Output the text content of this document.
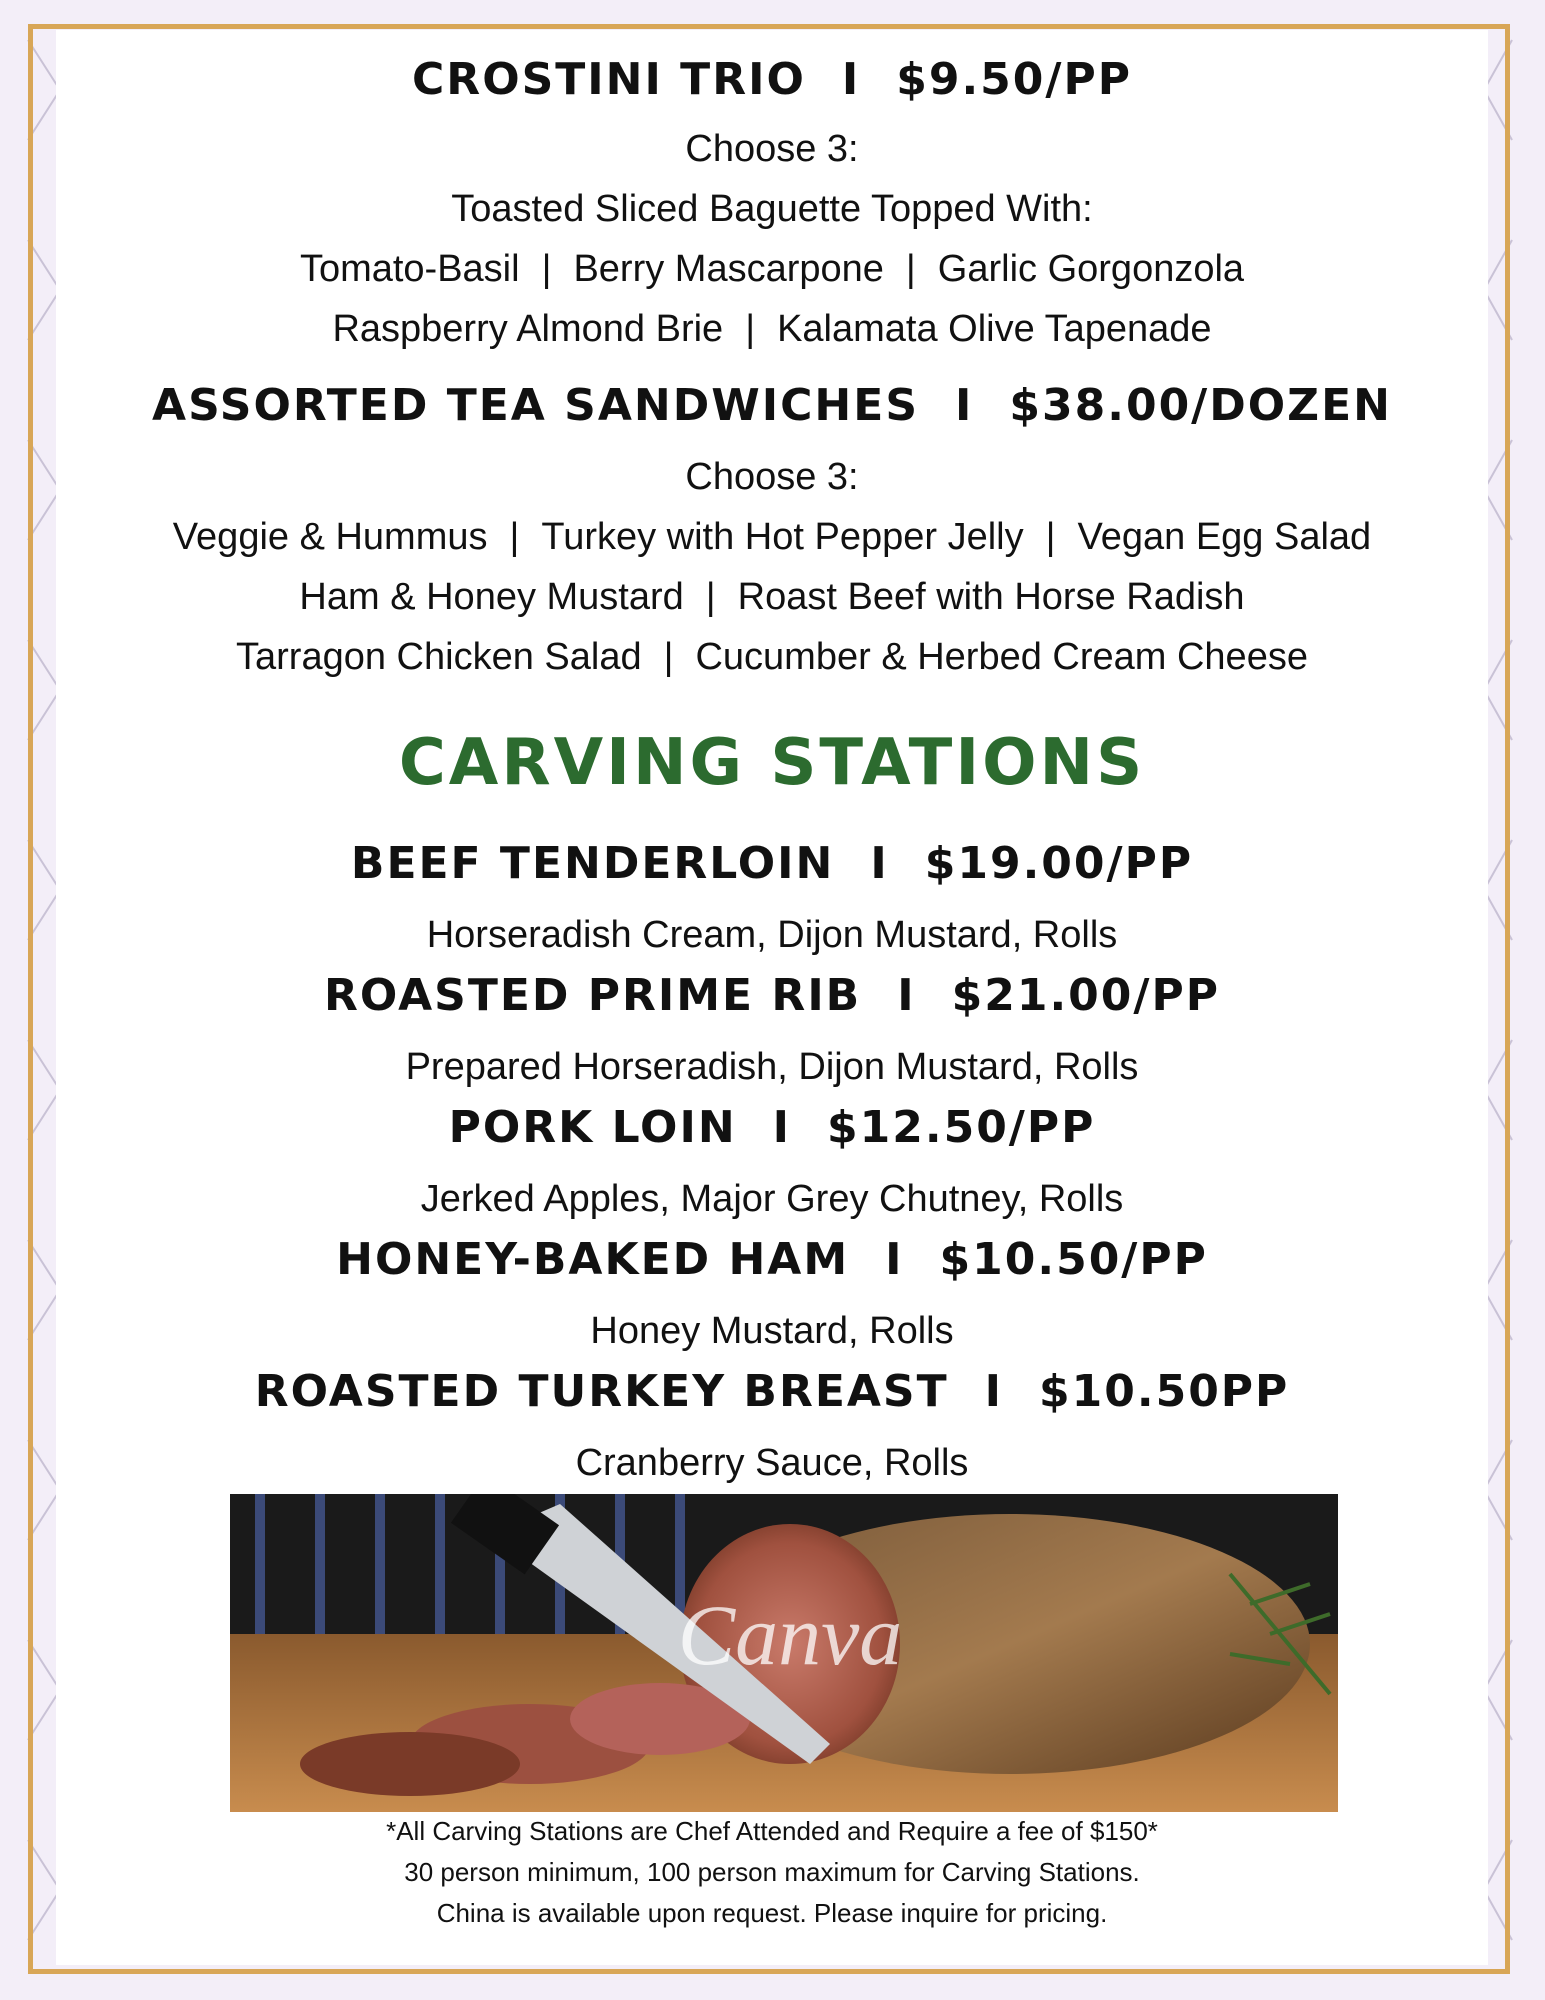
CROSTINI TRIO I $9.50/PP
Choose 3:
Toasted Sliced Baguette Topped With:
Tomato-Basil | Berry Mascarpone | Garlic Gorgonzola
Raspberry Almond Brie | Kalamata Olive Tapenade
ASSORTED TEA SANDWICHES I $38.00/DOZEN
Choose 3:
Veggie & Hummus | Turkey with Hot Pepper Jelly | Vegan Egg Salad
Ham & Honey Mustard | Roast Beef with Horse Radish
Tarragon Chicken Salad | Cucumber & Herbed Cream Cheese
CARVING STATIONS
BEEF TENDERLOIN I $19.00/PP
Horseradish Cream, Dijon Mustard, Rolls
ROASTED PRIME RIB I $21.00/PP
Prepared Horseradish, Dijon Mustard, Rolls
PORK LOIN I $12.50/PP
Jerked Apples, Major Grey Chutney, Rolls
HONEY-BAKED HAM I $10.50/PP
Honey Mustard, Rolls
ROASTED TURKEY BREAST I $10.50PP
Cranberry Sauce, Rolls
Canva
*All Carving Stations are Chef Attended and Require a fee of $150*
30 person minimum, 100 person maximum for Carving Stations.
China is available upon request. Please inquire for pricing.
